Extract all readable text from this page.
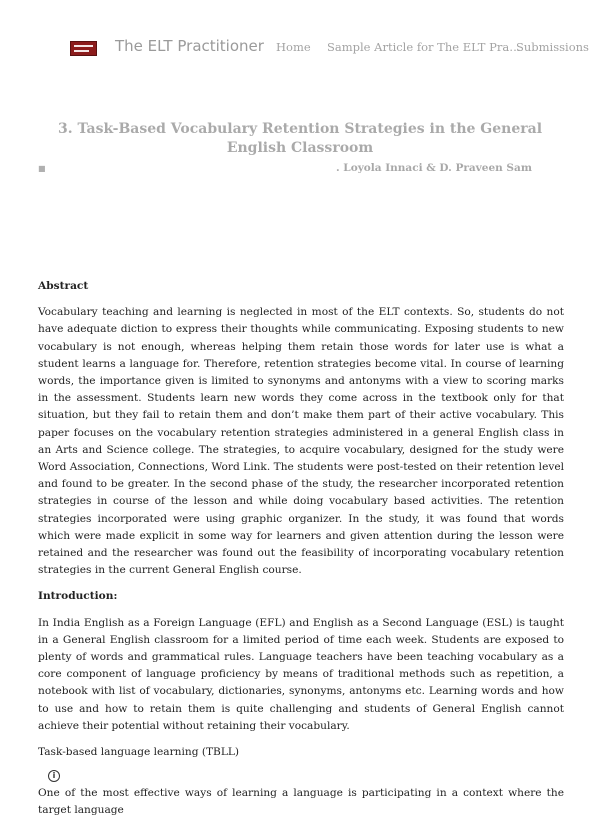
The ELT Practitioner Home Sample Article for The ELT Pra…
Submissions
3. Task-Based Vocabulary Retention Strategies in the General English Classroom
■	. Loyola Innaci & D. Praveen Sam

Abstract

Vocabulary teaching and learning is neglected in most of the ELT contexts. So, students do not have adequate diction to express their thoughts while communicating. Exposing students to new vocabulary is not enough, whereas helping them retain those words for later use is what a student learns a language for. Therefore, retention strategies become vital. In course of learning words, the importance given is limited to synonyms and antonyms with a view to scoring marks in the assessment. Students learn new words they come across in the textbook only for that situation, but they fail to retain them and don’t make them part of their active vocabulary. This paper focuses on the vocabulary retention strategies administered in a general English class in an Arts and Science college. The strategies, to acquire vocabulary, designed for the study were Word Association, Connections, Word Link. The students were post-tested on their retention level and found to be greater. In the second phase of the study, the researcher incorporated retention strategies in course of the lesson and while doing vocabulary based activities. The retention strategies incorporated were using graphic organizer. In the study, it was found that words which were made explicit in some way for learners and given attention during the lesson were retained and the researcher was found out the feasibility of incorporating vocabulary retention strategies in the current General English course.

Introduction:

In India English as a Foreign Language (EFL) and English as a Second Language (ESL) is taught in a General English classroom for a limited period of time each week. Students are exposed to plenty of words and grammatical rules. Language teachers have been teaching vocabulary as a core component of language proficiency by means of traditional methods such as repetition, a notebook with list of vocabulary, dictionaries, synonyms, antonyms etc. Learning words and how to use and how to retain them is quite challenging and students of General English cannot achieve their potential without retaining their vocabulary.

Task-based language learning (TBLL)

i

One of the most effective ways of learning a language is participating in a context where the target language
